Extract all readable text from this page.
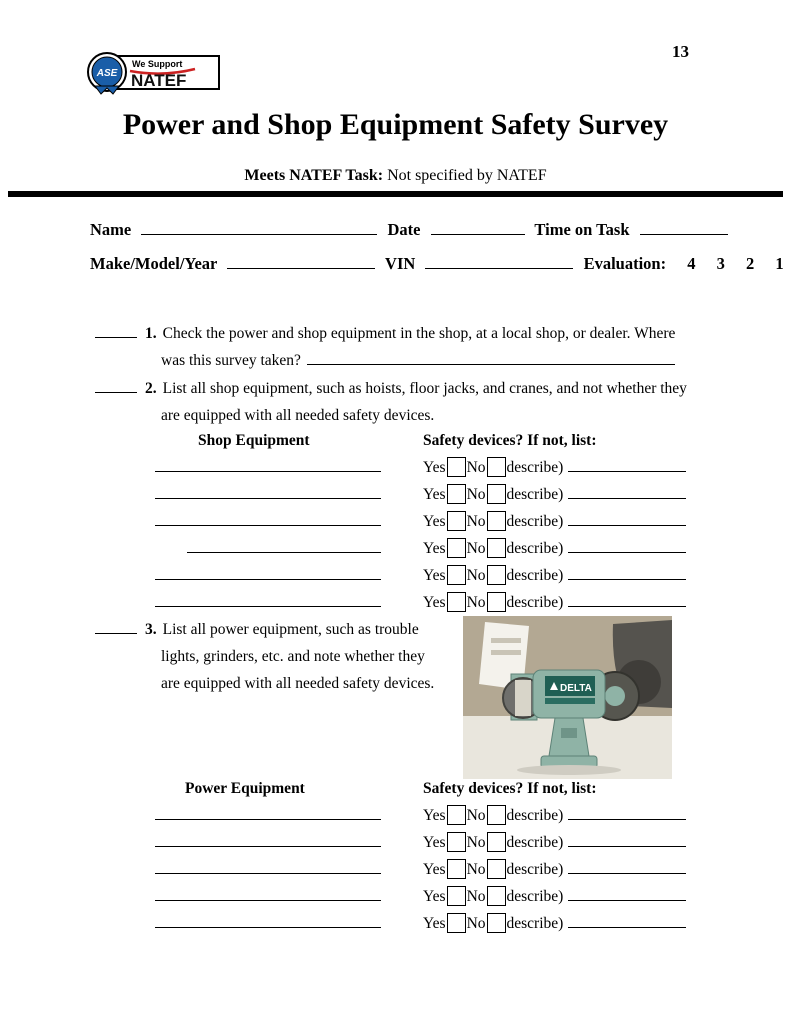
ASE
We Support
NATEF
13
Power and Shop Equipment Safety Survey
Meets NATEF Task: Not specified by NATEF
Name	Date	Time on Task
Make/Model/Year	VIN	Evaluation: 4 3 2 1
1. Check the power and shop equipment in the shop, at a local shop, or dealer. Where
was this survey taken?
2. List all shop equipment, such as hoists, floor jacks, and cranes, and not whether they
are equipped with all needed safety devices.
Shop Equipment	Safety devices? If not, list:
Yes No describe)
Yes No describe)
Yes No describe)
Yes No describe)
Yes No describe)
Yes No describe)
3. List all power equipment, such as trouble
lights, grinders, etc. and note whether they
are equipped with all needed safety devices.	DELTA
Power Equipment	Safety devices? If not, list:
Yes No describe)
Yes No describe)
Yes No describe)
Yes No describe)
Yes No describe)
